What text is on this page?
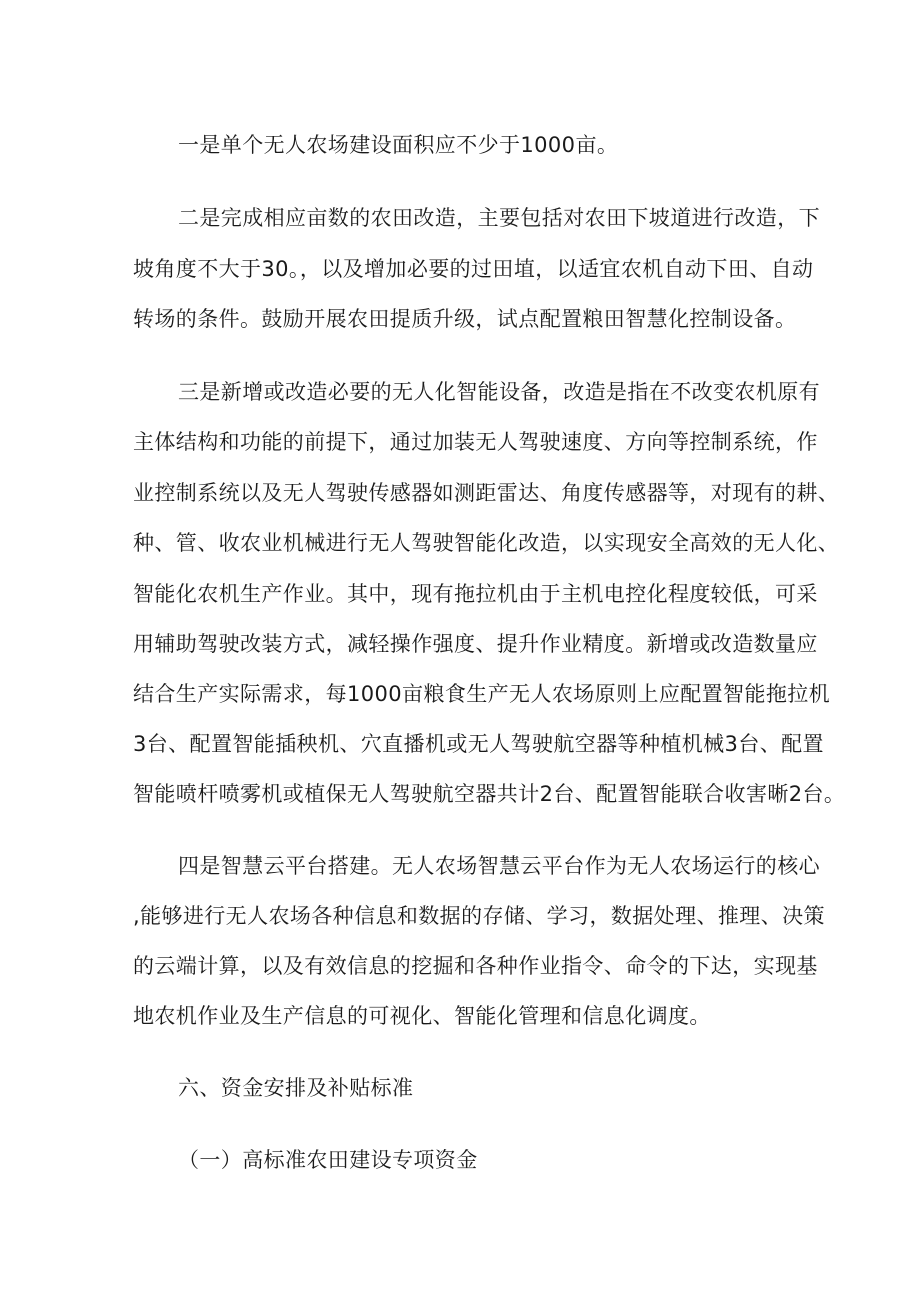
一是单个无人农场建设面积应不少于1000亩。
二是完成相应亩数的农田改造，主要包括对农田下坡道进行改造，下
坡角度不大于30。，以及增加必要的过田埴，以适宜农机自动下田、自动
转场的条件。鼓励开展农田提质升级，试点配置粮田智慧化控制设备。
三是新增或改造必要的无人化智能设备，改造是指在不改变农机原有
主体结构和功能的前提下，通过加装无人驾驶速度、方向等控制系统，作
业控制系统以及无人驾驶传感器如测距雷达、角度传感器等，对现有的耕、
种、管、收农业机械进行无人驾驶智能化改造，以实现安全高效的无人化、
智能化农机生产作业。其中，现有拖拉机由于主机电控化程度较低，可采
用辅助驾驶改装方式，减轻操作强度、提升作业精度。新增或改造数量应
结合生产实际需求，每1000亩粮食生产无人农场原则上应配置智能拖拉机
3台、配置智能插秧机、穴直播机或无人驾驶航空器等种植机械3台、配置
智能喷杆喷雾机或植保无人驾驶航空器共计2台、配置智能联合收害晰2台。
四是智慧云平台搭建。无人农场智慧云平台作为无人农场运行的核心
,能够进行无人农场各种信息和数据的存储、学习，数据处理、推理、决策
的云端计算，以及有效信息的挖掘和各种作业指令、命令的下达，实现基
地农机作业及生产信息的可视化、智能化管理和信息化调度。
六、资金安排及补贴标准
（一）高标准农田建设专项资金
